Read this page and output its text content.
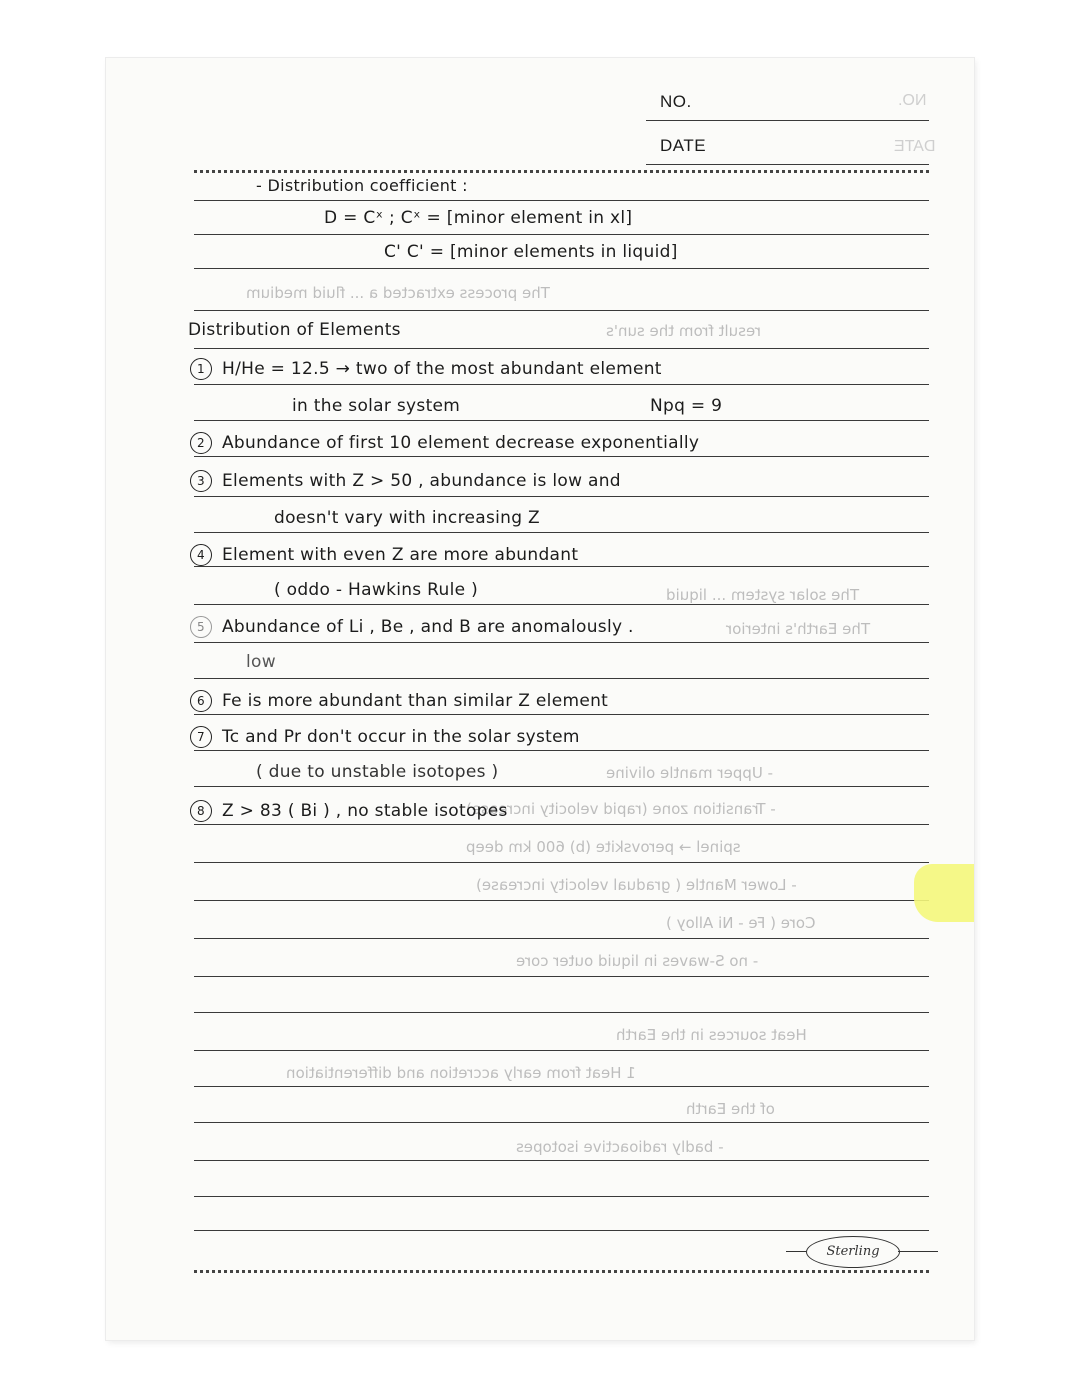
NO.	NO.
DATE	DATE
The process extracted a ... fluid medium
result from the sun's
The solar system ... liquid
The Earth's interior
- Upper mantle olivine
- Transition zone (rapid velocity increase)
spinel → perovskite (b) 600 km deep
- Lower Mantle ( gradual velocity increase)
Core ( Fe - Ni Alloy )
- no S-waves in liquid outer core
Heat sources in the Earth
1 Heat from early accretion and differentiation
of the Earth
- badly radioactive isotopes
- Distribution coefficient :
D = Cˣ ; Cˣ = [minor element in xl]
C' C' = [minor elements in liquid]
Distribution of Elements
1 H/He = 12.5 → two of the most abundant element
in the solar system	Npq = 9
2 Abundance of first 10 element decrease exponentially
3 Elements with Z > 50 , abundance is low and
doesn't vary with increasing Z
4 Element with even Z are more abundant
( oddo - Hawkins Rule )
5 Abundance of Li , Be , and B are anomalously .
low
6 Fe is more abundant than similar Z element
7 Tc and Pr don't occur in the solar system
( due to unstable isotopes )
8 Z > 83 ( Bi ) , no stable isotopes
Sterling
